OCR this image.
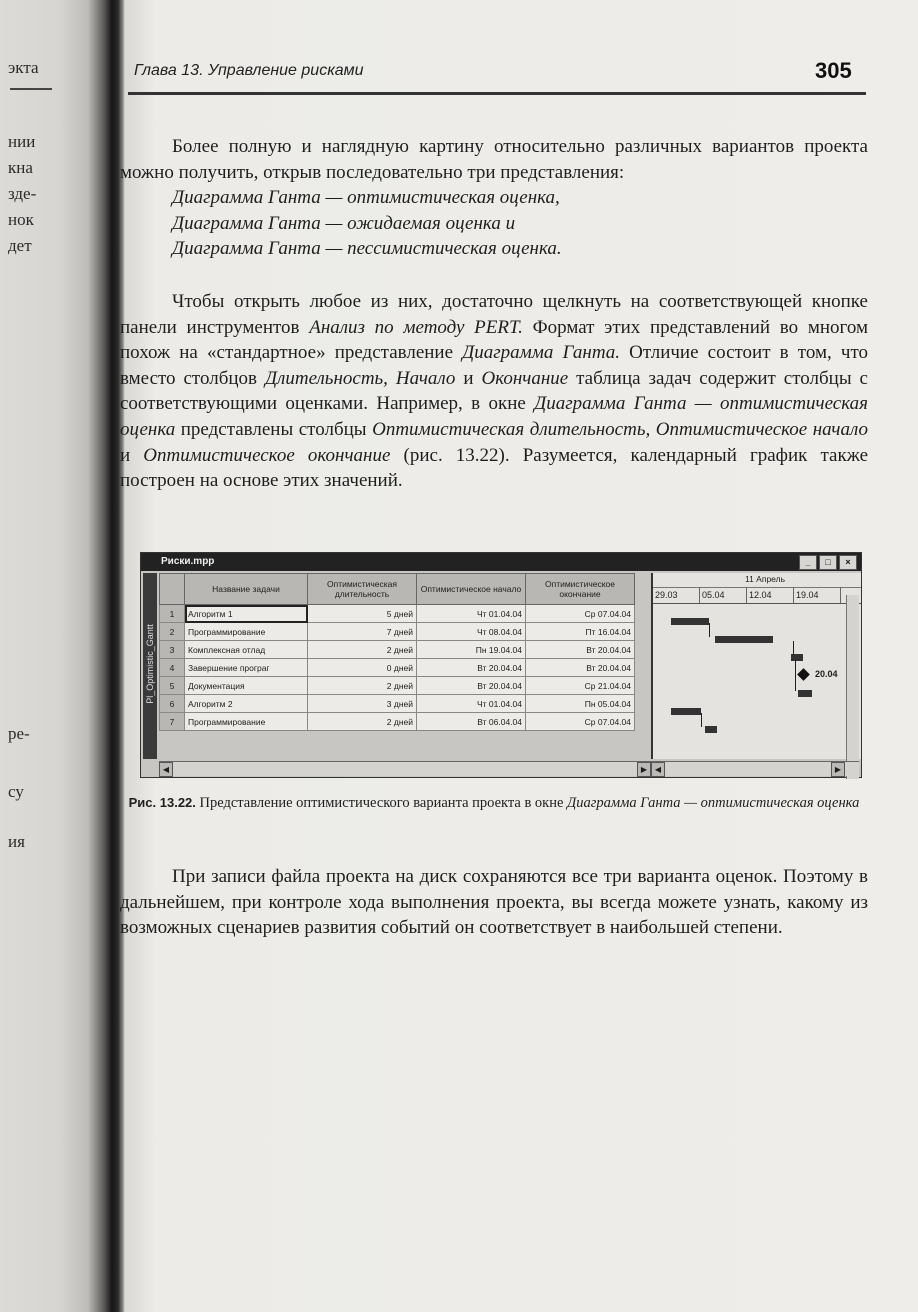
экта
нии
кна
зде-
нок
дет
ре-
су
ия
Глава 13. Управление рисками	305

Более полную и наглядную картину относительно различных вариантов проекта можно получить, открыв последовательно три представления:

Диаграмма Ганта — оптимистическая оценка,

Диаграмма Ганта — ожидаемая оценка и

Диаграмма Ганта — пессимистическая оценка.

Чтобы открыть любое из них, достаточно щелкнуть на соответствующей кнопке панели инструментов Анализ по методу PERT. Формат этих представлений во многом похож на «стандартное» представление Диаграмма Ганта. Отличие состоит в том, что вместо столбцов Длительность, Начало и Окончание таблица задач содержит столбцы с соответствующими оценками. Например, в окне Диаграмма Ганта — оптимистическая оценка представлены столбцы Оптимистическая длительность, Оптимистическое начало и Оптимистическое окончание (рис. 13.22). Разумеется, календарный график также построен на основе этих значений.

Риски.mpp	_	□	×
Pl_Optimistic_Gantt
	Название задачи	Оптимистическая длительность	Оптимистическое начало	Оптимистическое окончание
1	Алгоритм 1	5 дней	Чт 01.04.04	Ср 07.04.04
2	Программирование	7 дней	Чт 08.04.04	Пт 16.04.04
3	Комплексная отлад	2 дней	Пн 19.04.04	Вт 20.04.04
4	Завершение програг	0 дней	Вт 20.04.04	Вт 20.04.04
5	Документация	2 дней	Вт 20.04.04	Ср 21.04.04
6	Алгоритм 2	3 дней	Чт 01.04.04	Пн 05.04.04
7	Программирование	2 дней	Вт 06.04.04	Ср 07.04.04
11 Апрель
29.03	05.04	12.04	19.04
20.04
◀	▶ ◀	▶
Рис. 13.22. Представление оптимистического варианта проекта в окне Диаграмма Ганта — оптимистическая оценка

При записи файла проекта на диск сохраняются все три варианта оценок. Поэтому в дальнейшем, при контроле хода выполнения проекта, вы всегда можете узнать, какому из возможных сценариев развития событий он соответствует в наибольшей степени.
